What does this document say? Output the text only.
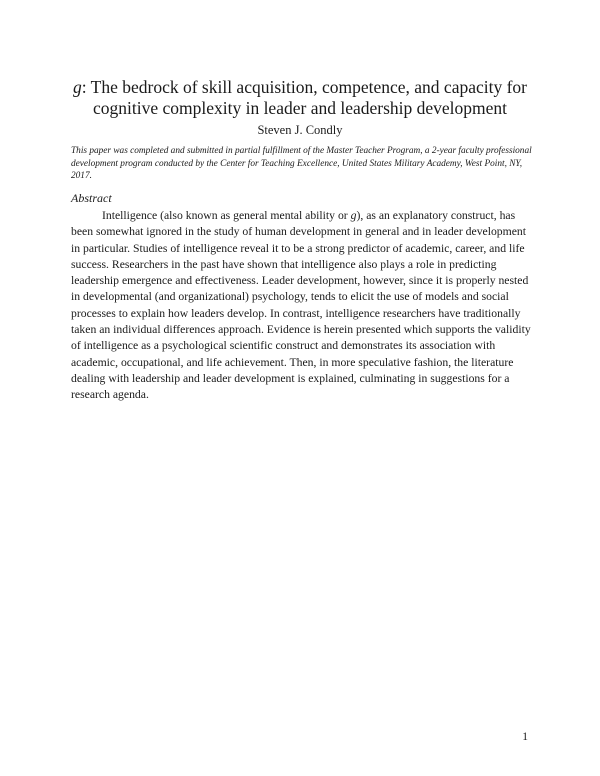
g: The bedrock of skill acquisition, competence, and capacity for cognitive complexity in leader and leadership development
Steven J. Condly
This paper was completed and submitted in partial fulfillment of the Master Teacher Program, a 2-year faculty professional development program conducted by the Center for Teaching Excellence, United States Military Academy, West Point, NY, 2017.
Abstract

Intelligence (also known as general mental ability or g), as an explanatory construct, has been somewhat ignored in the study of human development in general and in leader development in particular. Studies of intelligence reveal it to be a strong predictor of academic, career, and life success. Researchers in the past have shown that intelligence also plays a role in predicting leadership emergence and effectiveness. Leader development, however, since it is properly nested in developmental (and organizational) psychology, tends to elicit the use of models and social processes to explain how leaders develop. In contrast, intelligence researchers have traditionally taken an individual differences approach. Evidence is herein presented which supports the validity of intelligence as a psychological scientific construct and demonstrates its association with academic, occupational, and life achievement. Then, in more speculative fashion, the literature dealing with leadership and leader development is explained, culminating in suggestions for a research agenda.

1
